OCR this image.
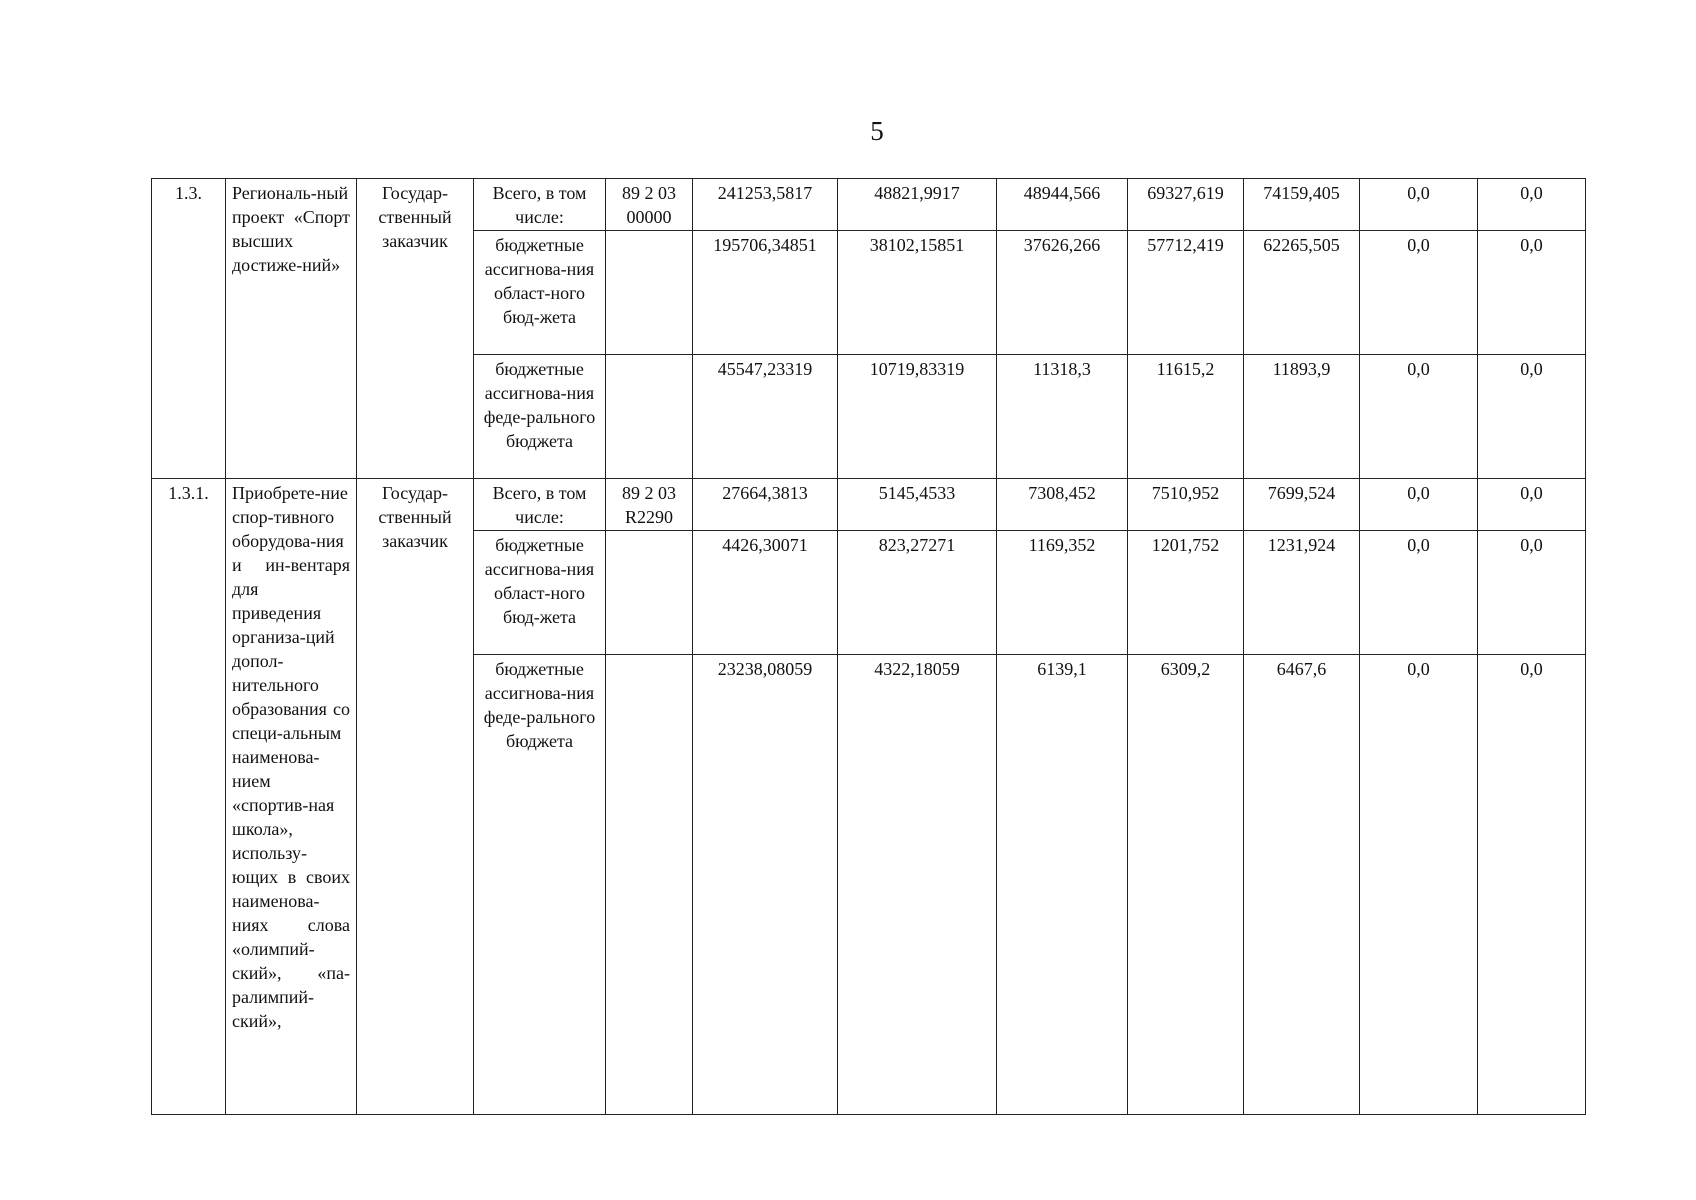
5
1.3.	Региональ-ный проект «Спорт высших достиже-ний»	Государ-ственный заказчик	Всего, в том числе:	89 2 03 00000	241253,5817	48821,9917	48944,566	69327,619	74159,405	0,0	0,0
			бюджетные ассигнова-ния област-ного бюд-жета		195706,34851	38102,15851	37626,266	57712,419	62265,505	0,0	0,0
			бюджетные ассигнова-ния феде-рального бюджета		45547,23319	10719,83319	11318,3	11615,2	11893,9	0,0	0,0
1.3.1.	Приобрете-ние спор-тивного оборудова-ния и ин-вентаря для приведения организа-ций допол-нительного образования со специ-альным наименова-нием «спортив-ная школа», использу-ющих в своих наименова-ниях слова «олимпий-ский», «па-ралимпий-ский»,	Государ-ственный заказчик	Всего, в том числе:	89 2 03 R2290	27664,3813	5145,4533	7308,452	7510,952	7699,524	0,0	0,0
			бюджетные ассигнова-ния област-ного бюд-жета		4426,30071	823,27271	1169,352	1201,752	1231,924	0,0	0,0
			бюджетные ассигнова-ния феде-рального бюджета		23238,08059	4322,18059	6139,1	6309,2	6467,6	0,0	0,0
